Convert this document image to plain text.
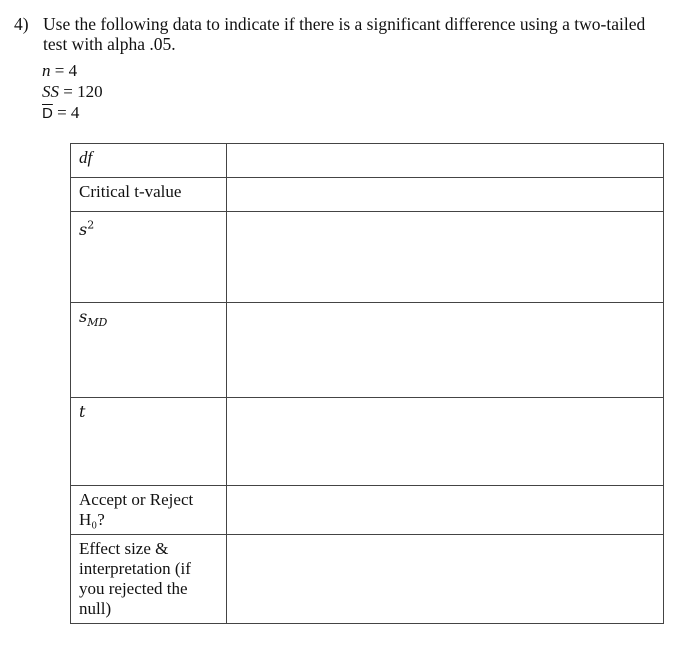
4) Use the following data to indicate if there is a significant difference using a two-tailed
test with alpha .05.
n = 4
SS = 120
$\overline{D} = 4$
df	
Critical t-value	
$s^2$	
$s_{MD}$	
t	
Accept or Reject H₀?	
Effect size & interpretation (if you rejected the null)	
